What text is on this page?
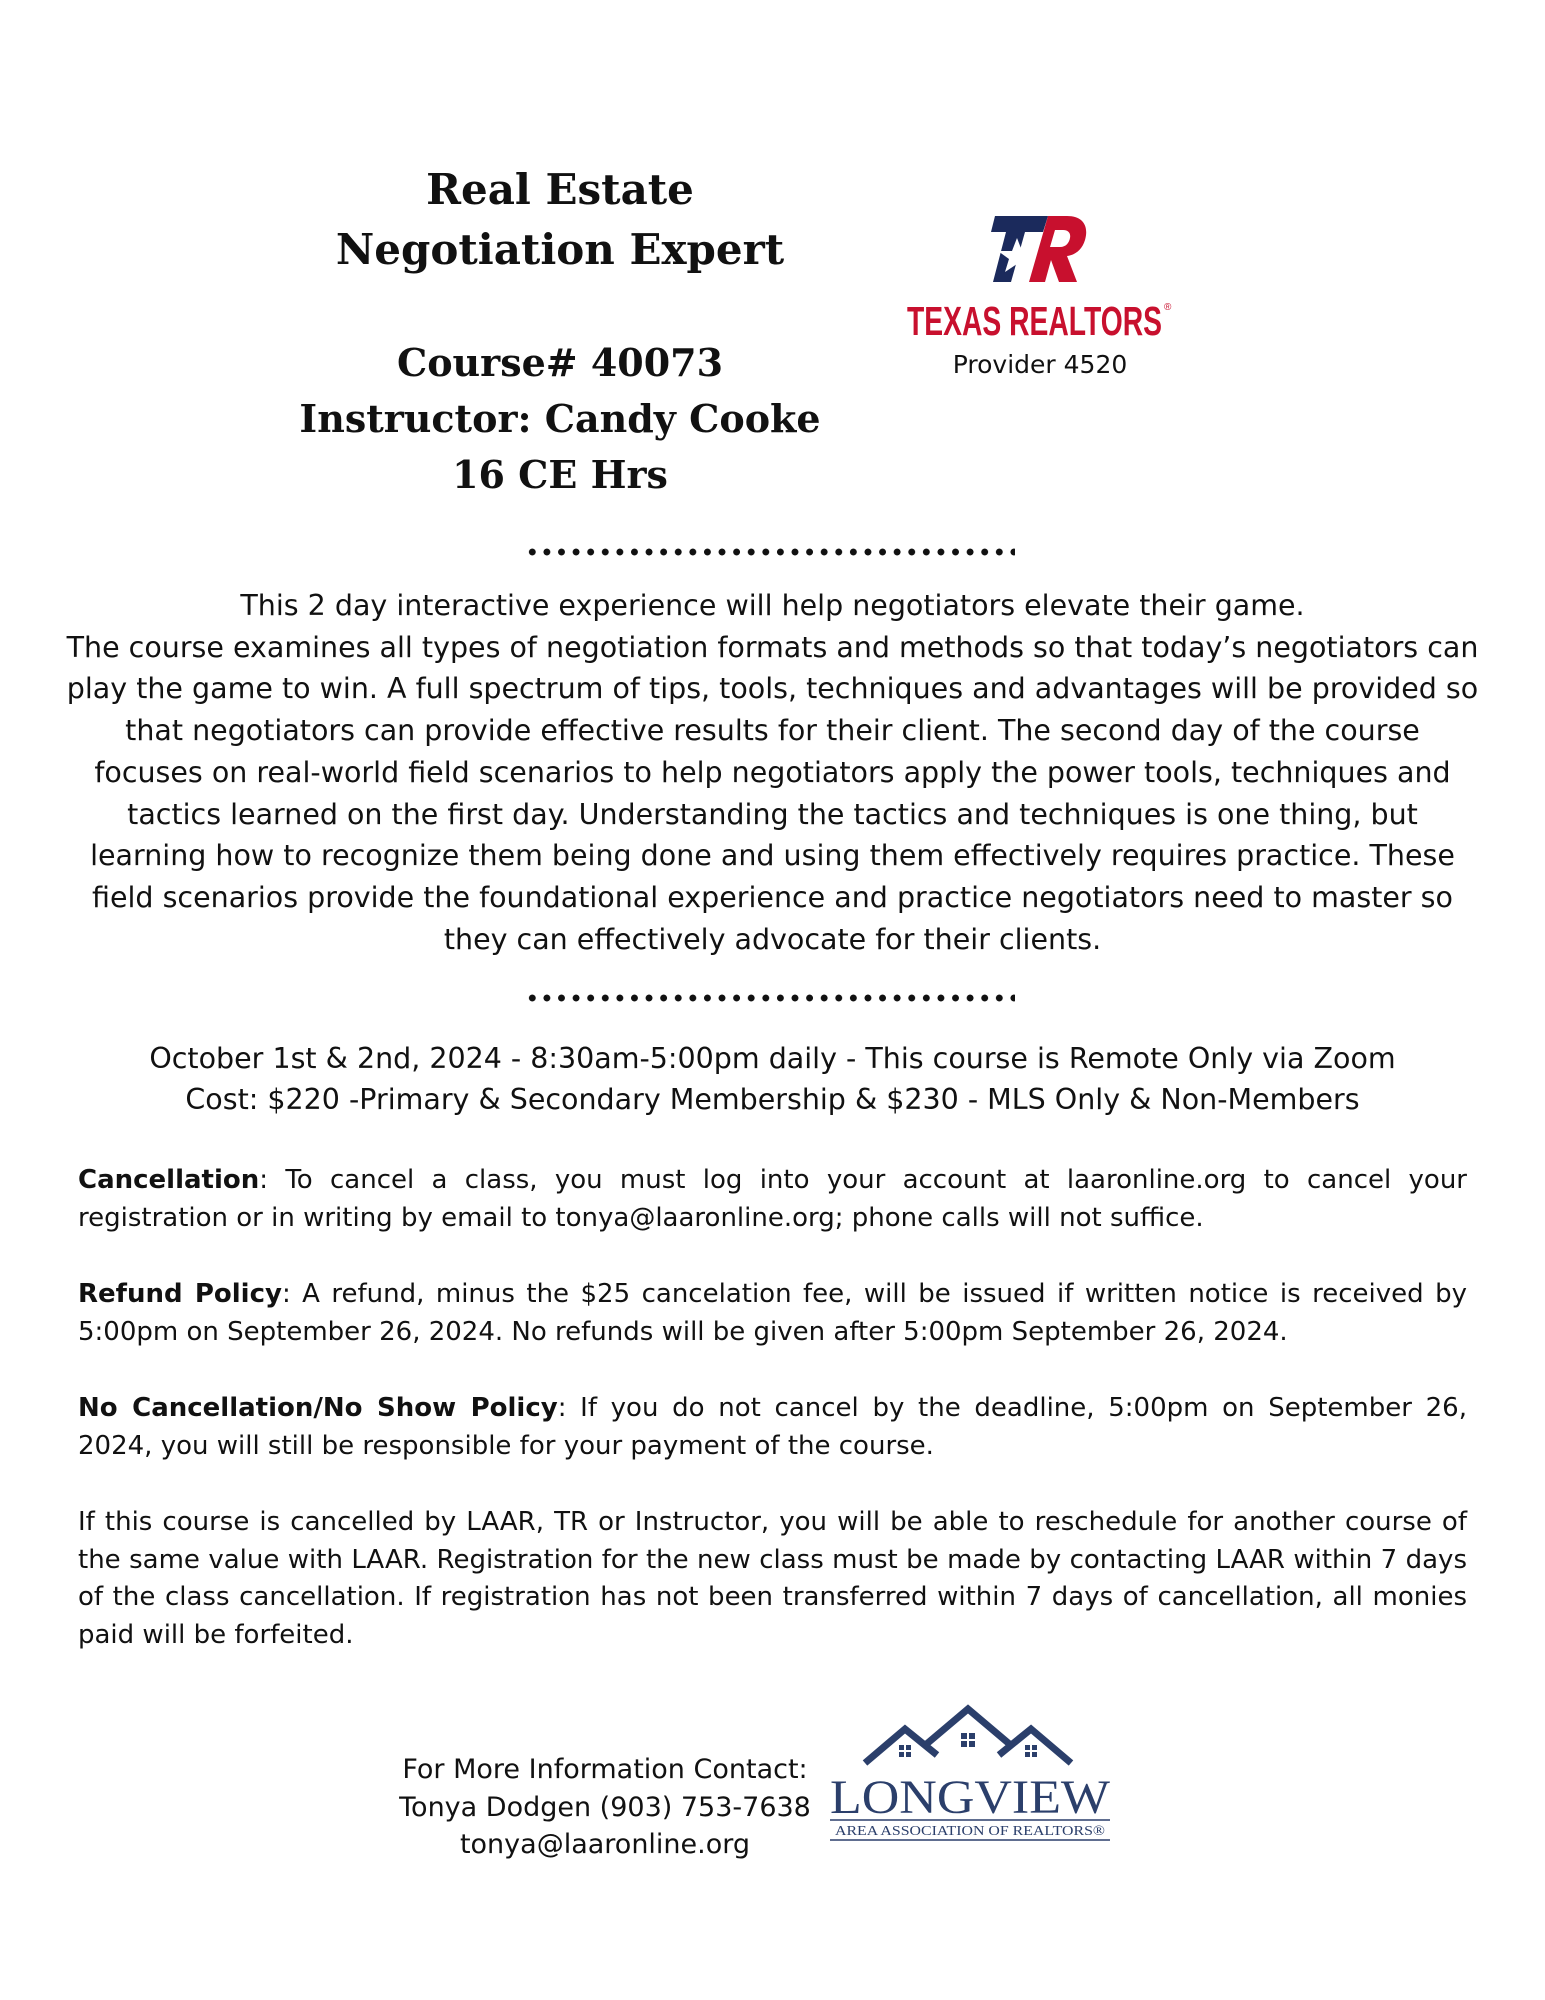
Real Estate
Negotiation Expert
Course# 40073
Instructor: Candy Cooke
16 CE Hrs
TEXAS REALTORS ®
Provider 4520
This 2 day interactive experience will help negotiators elevate their game.
The course examines all types of negotiation formats and methods so that today’s negotiators can
play the game to win. A full spectrum of tips, tools, techniques and advantages will be provided so
that negotiators can provide effective results for their client. The second day of the course
focuses on real-world field scenarios to help negotiators apply the power tools, techniques and
tactics learned on the first day. Understanding the tactics and techniques is one thing, but
learning how to recognize them being done and using them effectively requires practice. These
field scenarios provide the foundational experience and practice negotiators need to master so
they can effectively advocate for their clients.
October 1st & 2nd, 2024 - 8:30am-5:00pm daily - This course is Remote Only via Zoom
Cost: $220 -Primary & Secondary Membership & $230 - MLS Only & Non-Members
Cancellation: To cancel a class, you must log into your account at laaronline.org to cancel your registration or in writing by email to tonya@laaronline.org; phone calls will not suffice.
Refund Policy: A refund, minus the $25 cancelation fee, will be issued if written notice is received by 5:00pm on September 26, 2024. No refunds will be given after 5:00pm September 26, 2024.
No Cancellation/No Show Policy: If you do not cancel by the deadline, 5:00pm on September 26, 2024, you will still be responsible for your payment of the course.
If this course is cancelled by LAAR, TR or Instructor, you will be able to reschedule for another course of the same value with LAAR. Registration for the new class must be made by contacting LAAR within 7 days of the class cancellation. If registration has not been transferred within 7 days of cancellation, all monies paid will be forfeited.
For More Information Contact:
Tonya Dodgen (903) 753-7638
tonya@laaronline.org
LONGVIEW
AREA ASSOCIATION OF REALTORS®
